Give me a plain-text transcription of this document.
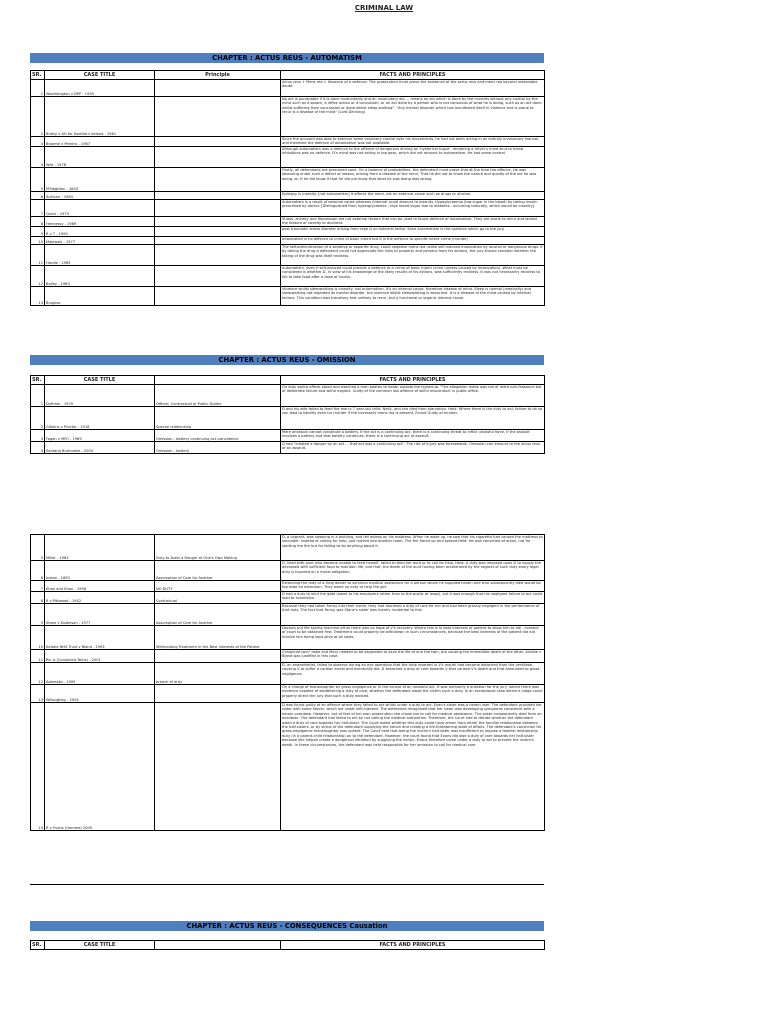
CRIMINAL LAW
CHAPTER : ACTUS REUS - AUTOMATISM
SR.	CASE TITLE	Principle	FACTS AND PRINCIPLES
1	Woolmington v DPP - 1935		Actus reus + Mens rea = Absence of a defence. The prosecution must prove the existence of the actus reus and mens rea beyond reasonable doubt.
2	Bratty v AG for Northern Ireland - 1961		No act is punishable if it is done involuntarily and an involuntary act ... means an act which is done by the muscles without any control by the mind such as a spasm, a reflex action or a convulsion; or an act done by a person who is not conscious of what he is doing, such as an act done whilst suffering from concussion or done whilst sleep-walking". "Any mental disorder which has manifested itself in violence and is prone to recur is a disease of the mind" (Lord Denning)
3	Broome v Perkins - 1987		Since the accused was able to exercise some voluntary control over his movements, he had not been acting in an entirely involuntary manner, and therefore the defence of automatism was not available.
4	Witt - 1978		Although automatism was a defence to the offence of dangerous driving an 'hysterical fugue', rendering a driver's mind shut to moral inhibitions was no defence. D's mind was not acting in top gear, which did not amount to automatism. He had some control.
5	M'Naghten - 1843		Firstly, all defendants are presumed sane. On a balance of probabilities, the defendant must prove that at the time the offence, He was labouring under such a defect of reason, arising from a disease of the mind, That he did not to know the nature and quality of the act he was doing, or, If he did know it that he did not know that what he was doing was wrong.
6	Sullivan - 1983		Epilepsy is insanity. [not automatism] It affects the mind, not an external cause such as drugs or alcohol.
7	Quick - 1973		Automatism is a result of external cause whereas (internal could amount to insanity. Hypoglycaemia (low sugar in the blood) by taking insulin prescribed by doctor. [Distinguished from hyperglycaemia - high blood sugar due to diabetes - occurring naturally, which would be insanity].
8	Hennessy - 1989		Stress, anxiety and depression are not external factors that can be used to found defence of automatism. They are prone to recur and lacked the feature of novelty or accident.
9	R v T - 1990		post traumatic stress disorder arising from rape is an external factor. Sane Automatism is the question which go to the jury.
10	Majewski - 1977		Intoxication is no defence to crime of basic intent but it is the defence to specific intent crime (murder)
11	Hardie - 1985		The self-administration of a sedative or soporific drug, could negative mens rea unlike self-induced intoxication by alcohol or dangerous drugs. If by taking the drug a defendant could not appreciate the risks to property and persons from his actions, the jury should consider whether the taking of the drug was itself reckless.
12	Bailey - 1983		Automatism, even if self-induced could provide a defence to a crime of basic intent crime (unless caused by intoxication). What must be considered is whether D, in view of his knowledge of the likely results of his actions, was sufficiently reckless. It was not necessarily reckless to fail to take food after a dose of insulin.
13	Burgess		Violence whilst sleepwalking is insanity, not automatism. It's an internal cause, therefore disease of mind. Sleep is normal (medically) and sleepwalking not regarded as mental disorder, but violence whilst sleepwalking is abnormal. It is a disease of the mind caused by internal factors. This condition was transitory and unlikely to recur, but a functional or organic internal cause.
CHAPTER : ACTUS REUS - OMISSION
SR.	CASE TITLE		FACTS AND PRINCIPLES
1	Dytham - 1979	Official, Contractual or Public Duties	On duty police officer stood and watched a man beaten to death outside the nightclub. "The allegation made was not of mere non-feasance but of deliberate failure and wilful neglect. Guilty of the common law offence of wilful misconduct in public office.
2	Gibbins v Proctor - 1918	Special relationship	D and his wife failed to feed the man's 7 year-old child, Nelly, and she died from starvation. Held: Where there is the duty to act, failure to do so can lead to liability even for murder if the necessary mens rea is present. Found Guilty of murder.
3	Fagan v MPC - 1969	Omission - battery continuing act coincidence	Mere omission cannot constitute a battery. If the act is a continuing act, there is a continuing threat to inflict unlawful force. If the assault involves a battery and that battery continues, there is a continuing act of assault.
4	Santana Burmudez - 2004	Omission - battery	D had "created a danger by an act ... that act was a continuing act". The risk of injury was foreseeable. Omission can amount to the actus reus of an assault.
5	Miller - 1983	Duty to Avert a Danger of One's Own Making	D, a vagrant, was sleeping in a building, and fell asleep on his mattress. When he woke up, he saw that his cigarette had caused the mattress to smoulder. Instead of calling for help, just moved into another room. The fire flared up and spread.Held: He was convicted of arson, not for starting the fire but for failing to do anything about it.
6	Instan - 1893	Assumption of Care for Another	D, lived with aunt who became unable to feed herself, failed to feed her aunt or to call for help. Held: A duty was imposed upon D to supply the deceased with sufficient food to maintain life, and that, the death of the aunt having been accelerated by the neglect of such duty every legal duty is founded on a moral obligation.
7	Khan and Khan - 1998	NO DUTY	Extending the duty of a drug dealer to summon medical assistance for a person whom he supplied heroin and who subsequently died would be too wide an extension. They owed no duty to help the girl.
8	R v Pittwood - 1902	Contractual	D had a duty to shut the gate (owed to his employers rather than to the public at large), but it was enough that his negligent failure to act could lead to conviction.
9	Stone v Dobinson - 1977	Assumption of Care for Another	Because they had taken Fanny into their home, they had assumed a duty of care for her and had been grossly negligent in the performance of that duty. The fact that Fanny was Stone's sister was merely incidental to this.
10	Airdale NHS Trust v Bland - 1993	Withholding Treatment In the Best Interests of the Patient	Doctors put life saving machine off as there was no hope of V's recovery. Where this is in best interests of patient to allow him to die - consent of court to be obtained first. Treatment could properly be withdrawn in such circumstances, because the best interests of the patient did not involve him being kept alive at all costs.
11	Re: A (Conjoined Twins) - 2001		Conjoined twin" Jodie and Mary needed to be separated to save the life of one the twin, but causing the immediate death of the other. Airdale v Bland was justified in this case.
12	Adomako - 1995	breach of duty	D, an anaesthetist, failed to observe during an eye operation that the tube inserted in V's mouth had become detached from the ventilator, causing V to suffer a cardiac arrest and eventually die. D breached a duty of care towards V that caused V's death and that amounted to gross negligence.
13	Willoughby - 2004		On a charge of manslaughter by gross negligence or in the course of an unlawful act. It was ordinarily a question for the jury, where there was evidence capable of establishing a duty of care, whether the defendant owed the victim such a duty. In an exceptional case where a judge could properly direct the jury that such a duty existed.
14	R v Evans (Gemma) 2009		D was found guilty of an offence where they failed to act whilst under a duty to act. Evan's sister was a heroin user. The defendant provided her sister with some heroin, which her sister self-injected. The defendant recognised that her sister was developing symptoms consistent with a heroin overdose. However, out of fear of her own prosecution she chose not to call for medical assistance. The sister consequently died from an overdose. The defendant had failed to act by not calling the medical authorities. Therefore, the Court had to decide whether the defendant owed a duty of care towards her half-sister. The Court asked whether this duty could have arisen from either the familial relationship between the half-sisters, or by virtue of the defendant supplying the heroin and creating a life-threatening state of affairs. The defendant's conviction for gross-negligence manslaughter was upheld. The Court held that being the victim's half-sister was insufficient to impose a familial relationship duty (in a parent-child relationship) on to the defendant. However, the court found that Evans did owe a duty of care towards her half-sister because she helped create a dangerous situation by supplying the heroin. Evans therefore came under a duty to act to prevent the victim's death. In these circumstances, the defendant was held responsible for her omission to call for medical care.
CHAPTER : ACTUS REUS - CONSEQUENCES Causation
SR.	CASE TITLE		FACTS AND PRINCIPLES
